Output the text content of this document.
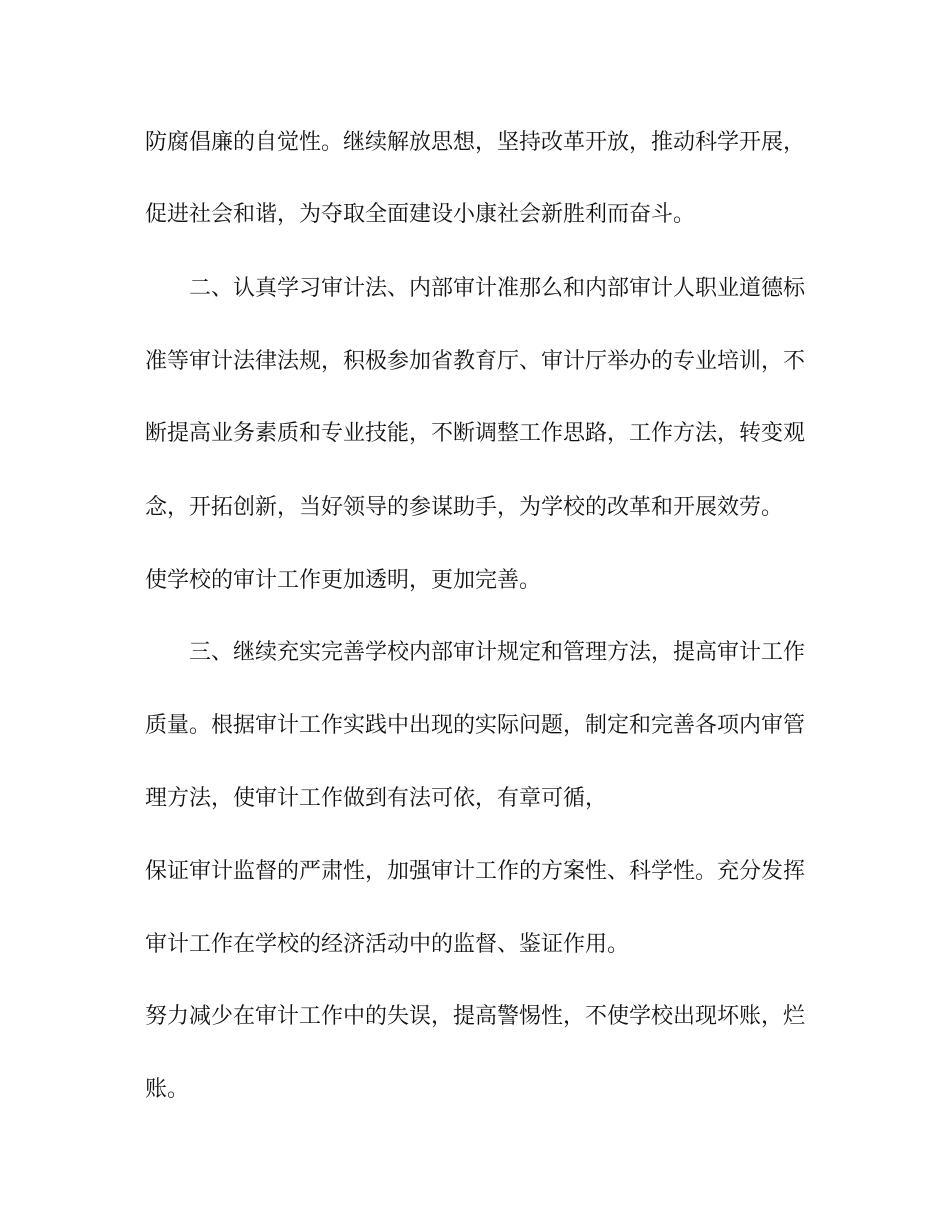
防腐倡廉的自觉性。继续解放思想，坚持改革开放，推动科学开展，
促进社会和谐，为夺取全面建设小康社会新胜利而奋斗。
二、认真学习审计法、内部审计准那么和内部审计人职业道德标
准等审计法律法规，积极参加省教育厅、审计厅举办的专业培训，不
断提高业务素质和专业技能，不断调整工作思路，工作方法，转变观
念，开拓创新，当好领导的参谋助手，为学校的改革和开展效劳。
使学校的审计工作更加透明，更加完善。
三、继续充实完善学校内部审计规定和管理方法，提高审计工作
质量。根据审计工作实践中出现的实际问题，制定和完善各项内审管
理方法，使审计工作做到有法可依，有章可循，
保证审计监督的严肃性，加强审计工作的方案性、科学性。充分发挥
审计工作在学校的经济活动中的监督、鉴证作用。
努力减少在审计工作中的失误，提高警惕性，不使学校出现坏账，烂
账。
